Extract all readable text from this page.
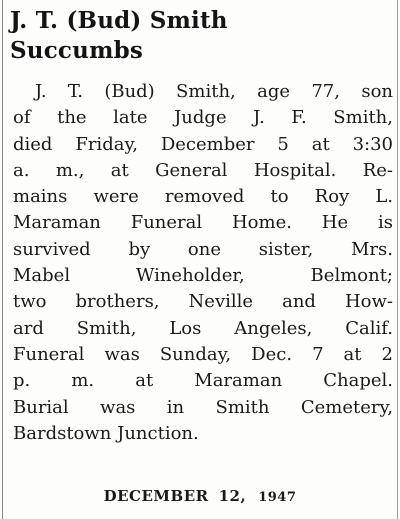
J. T. (Bud) Smith
Succumbs
J. T. (Bud) Smith, age 77, son
of the late Judge J. F. Smith,
died Friday, December 5 at 3:30
a. m., at General Hospital. Re-
mains were removed to Roy L.
Maraman Funeral Home. He is
survived by one sister, Mrs.
Mabel Wineholder, Belmont;
two brothers, Neville and How-
ard Smith, Los Angeles, Calif.
Funeral was Sunday, Dec. 7 at 2
p. m. at Maraman Chapel.
Burial was in Smith Cemetery,
Bardstown Junction.
DECEMBER 12, 1947
